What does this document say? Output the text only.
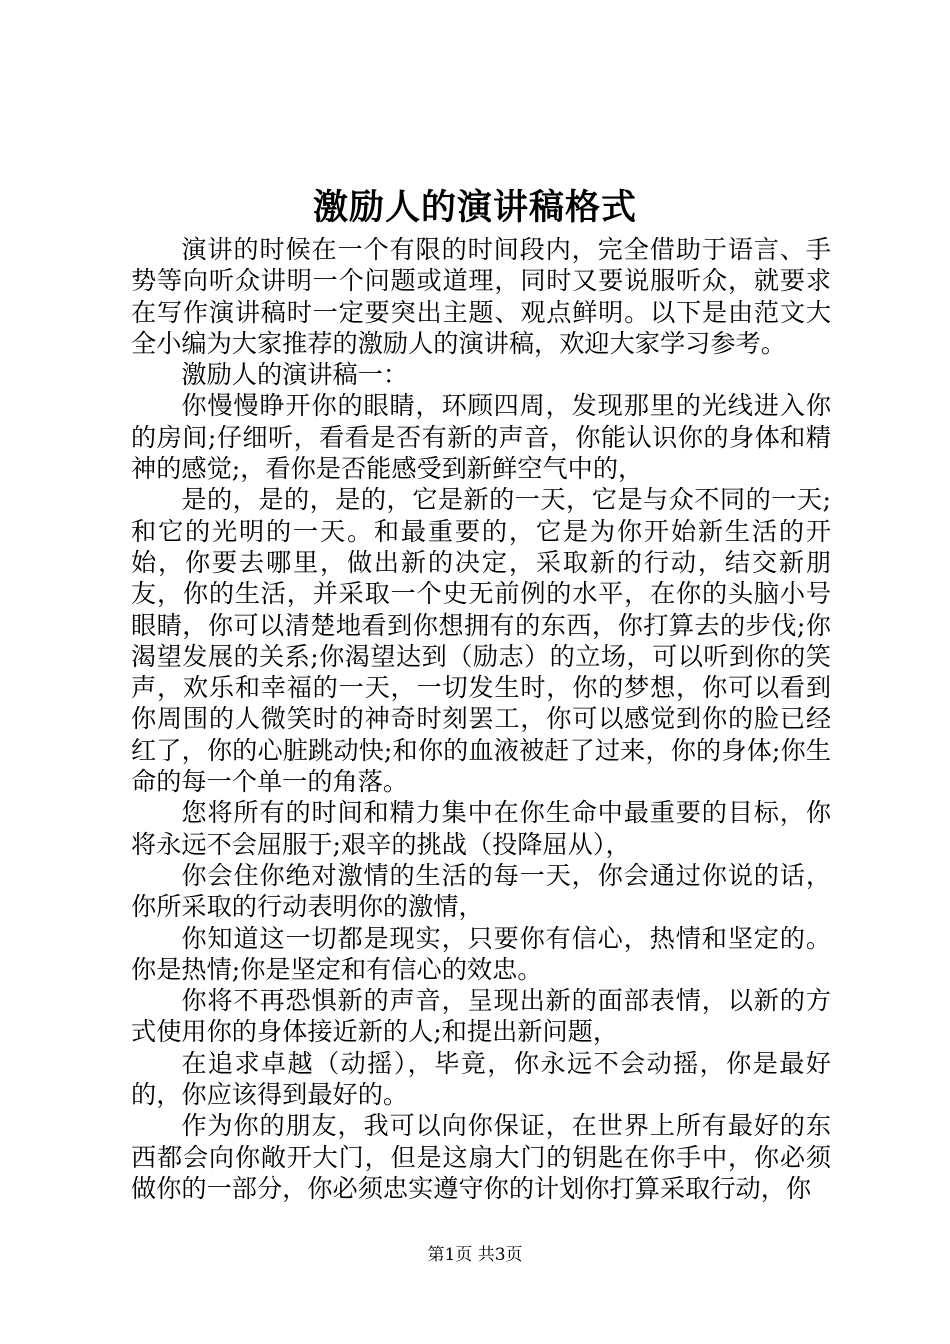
激励人的演讲稿格式

演讲的时候在一个有限的时间段内，完全借助于语言、手势等向听众讲明一个问题或道理，同时又要说服听众，就要求在写作演讲稿时一定要突出主题、观点鲜明。以下是由范文大全小编为大家推荐的激励人的演讲稿，欢迎大家学习参考。

激励人的演讲稿一：

你慢慢睁开你的眼睛，环顾四周，发现那里的光线进入你的房间;仔细听，看看是否有新的声音，你能认识你的身体和精神的感觉;，看你是否能感受到新鲜空气中的，

是的，是的，是的，它是新的一天，它是与众不同的一天;和它的光明的一天。和最重要的，它是为你开始新生活的开始，你要去哪里，做出新的决定，采取新的行动，结交新朋友，你的生活，并采取一个史无前例的水平，在你的头脑小号眼睛，你可以清楚地看到你想拥有的东西，你打算去的步伐;你渴望发展的关系;你渴望达到（励志）的立场，可以听到你的笑声，欢乐和幸福的一天，一切发生时，你的梦想，你可以看到你周围的人微笑时的神奇时刻罢工，你可以感觉到你的脸已经红了，你的心脏跳动快;和你的血液被赶了过来，你的身体;你生命的每一个单一的角落。

您将所有的时间和精力集中在你生命中最重要的目标，你将永远不会屈服于;艰辛的挑战（投降屈从），

你会住你绝对激情的生活的每一天，你会通过你说的话，你所采取的行动表明你的激情，

你知道这一切都是现实，只要你有信心，热情和坚定的。你是热情;你是坚定和有信心的效忠。

你将不再恐惧新的声音，呈现出新的面部表情，以新的方式使用你的身体接近新的人;和提出新问题，

在追求卓越（动摇），毕竟，你永远不会动摇，你是最好的，你应该得到最好的。

作为你的朋友，我可以向你保证，在世界上所有最好的东西都会向你敞开大门，但是这扇大门的钥匙在你手中，你必须做你的一部分，你必须忠实遵守你的计划你打算采取行动，你

第1页 共3页
